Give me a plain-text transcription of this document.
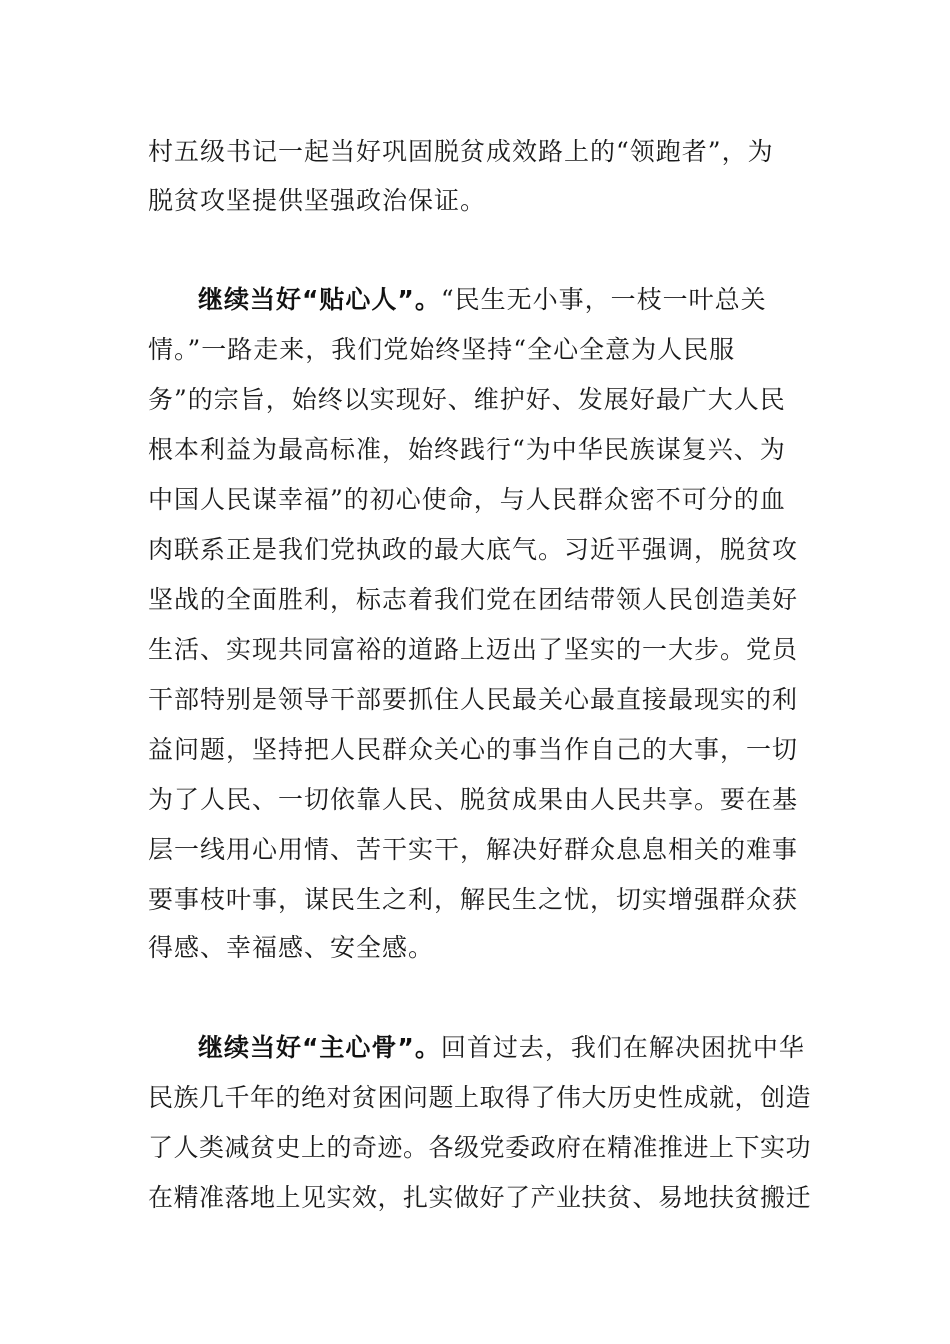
村五级书记一起当好巩固脱贫成效路上的“领跑者”，为
脱贫攻坚提供坚强政治保证。
继续当好“贴心人”。“民生无小事，一枝一叶总关
情。”一路走来，我们党始终坚持“全心全意为人民服
务”的宗旨，始终以实现好、维护好、发展好最广大人民
根本利益为最高标准，始终践行“为中华民族谋复兴、为
中国人民谋幸福”的初心使命，与人民群众密不可分的血
肉联系正是我们党执政的最大底气。习近平强调，脱贫攻
坚战的全面胜利，标志着我们党在团结带领人民创造美好
生活、实现共同富裕的道路上迈出了坚实的一大步。党员
干部特别是领导干部要抓住人民最关心最直接最现实的利
益问题，坚持把人民群众关心的事当作自己的大事，一切
为了人民、一切依靠人民、脱贫成果由人民共享。要在基
层一线用心用情、苦干实干，解决好群众息息相关的难事
要事枝叶事，谋民生之利，解民生之忧，切实增强群众获
得感、幸福感、安全感。
继续当好“主心骨”。回首过去，我们在解决困扰中华
民族几千年的绝对贫困问题上取得了伟大历史性成就，创造
了人类减贫史上的奇迹。各级党委政府在精准推进上下实功
在精准落地上见实效，扎实做好了产业扶贫、易地扶贫搬迁
